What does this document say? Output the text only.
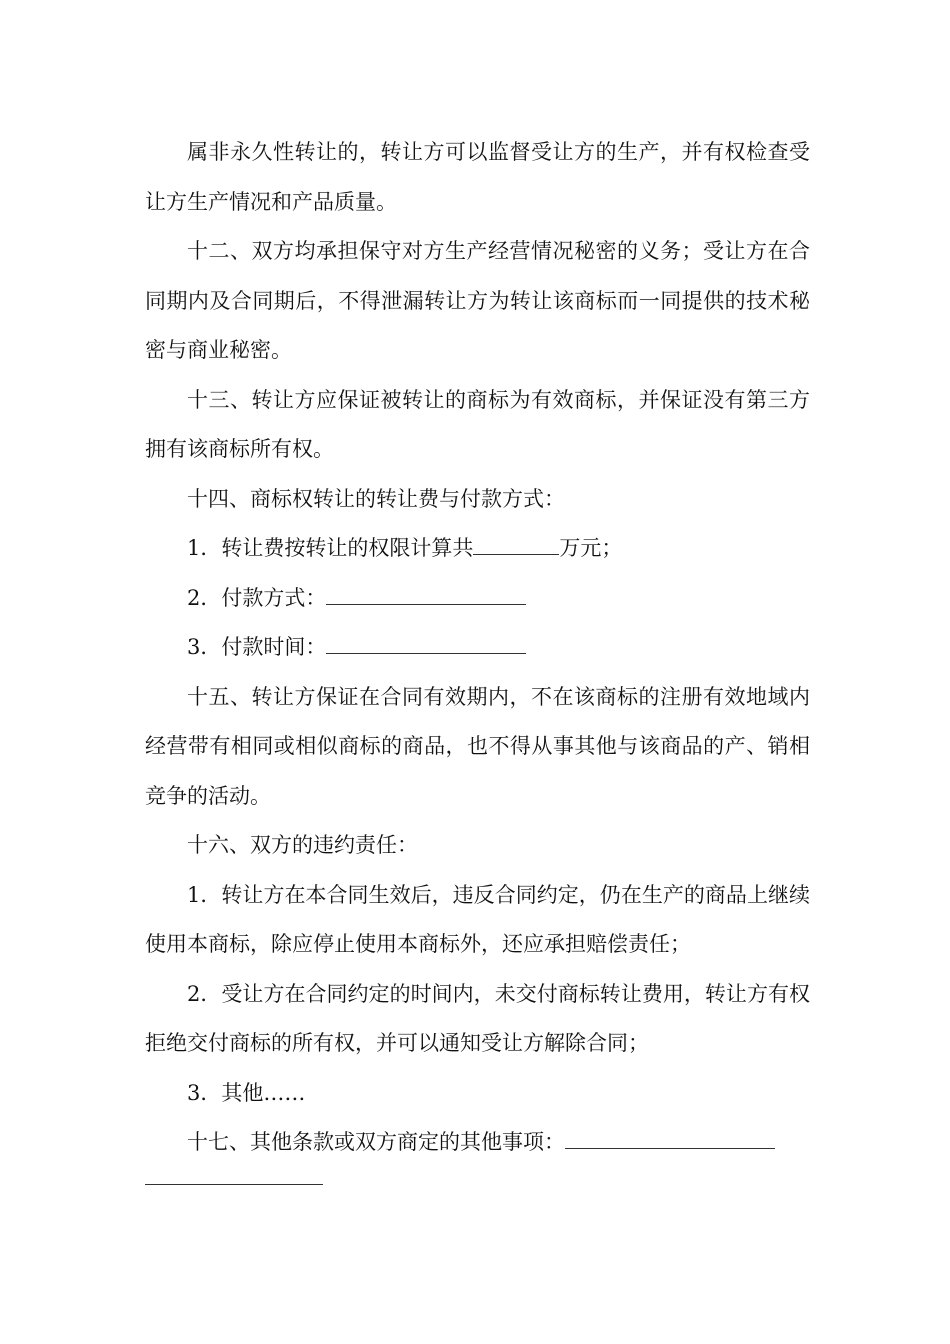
属非永久性转让的，转让方可以监督受让方的生产，并有权检查受让方生产情况和产品质量。

十二、双方均承担保守对方生产经营情况秘密的义务；受让方在合同期内及合同期后，不得泄漏转让方为转让该商标而一同提供的技术秘密与商业秘密。

十三、转让方应保证被转让的商标为有效商标，并保证没有第三方拥有该商标所有权。

十四、商标权转让的转让费与付款方式：

1．转让费按转让的权限计算共	万元；

2．付款方式：

3．付款时间：

十五、转让方保证在合同有效期内，不在该商标的注册有效地域内经营带有相同或相似商标的商品，也不得从事其他与该商品的产、销相竞争的活动。

十六、双方的违约责任：

1．转让方在本合同生效后，违反合同约定，仍在生产的商品上继续使用本商标，除应停止使用本商标外，还应承担赔偿责任；

2．受让方在合同约定的时间内，未交付商标转让费用，转让方有权拒绝交付商标的所有权，并可以通知受让方解除合同；

3．其他……

十七、其他条款或双方商定的其他事项：
